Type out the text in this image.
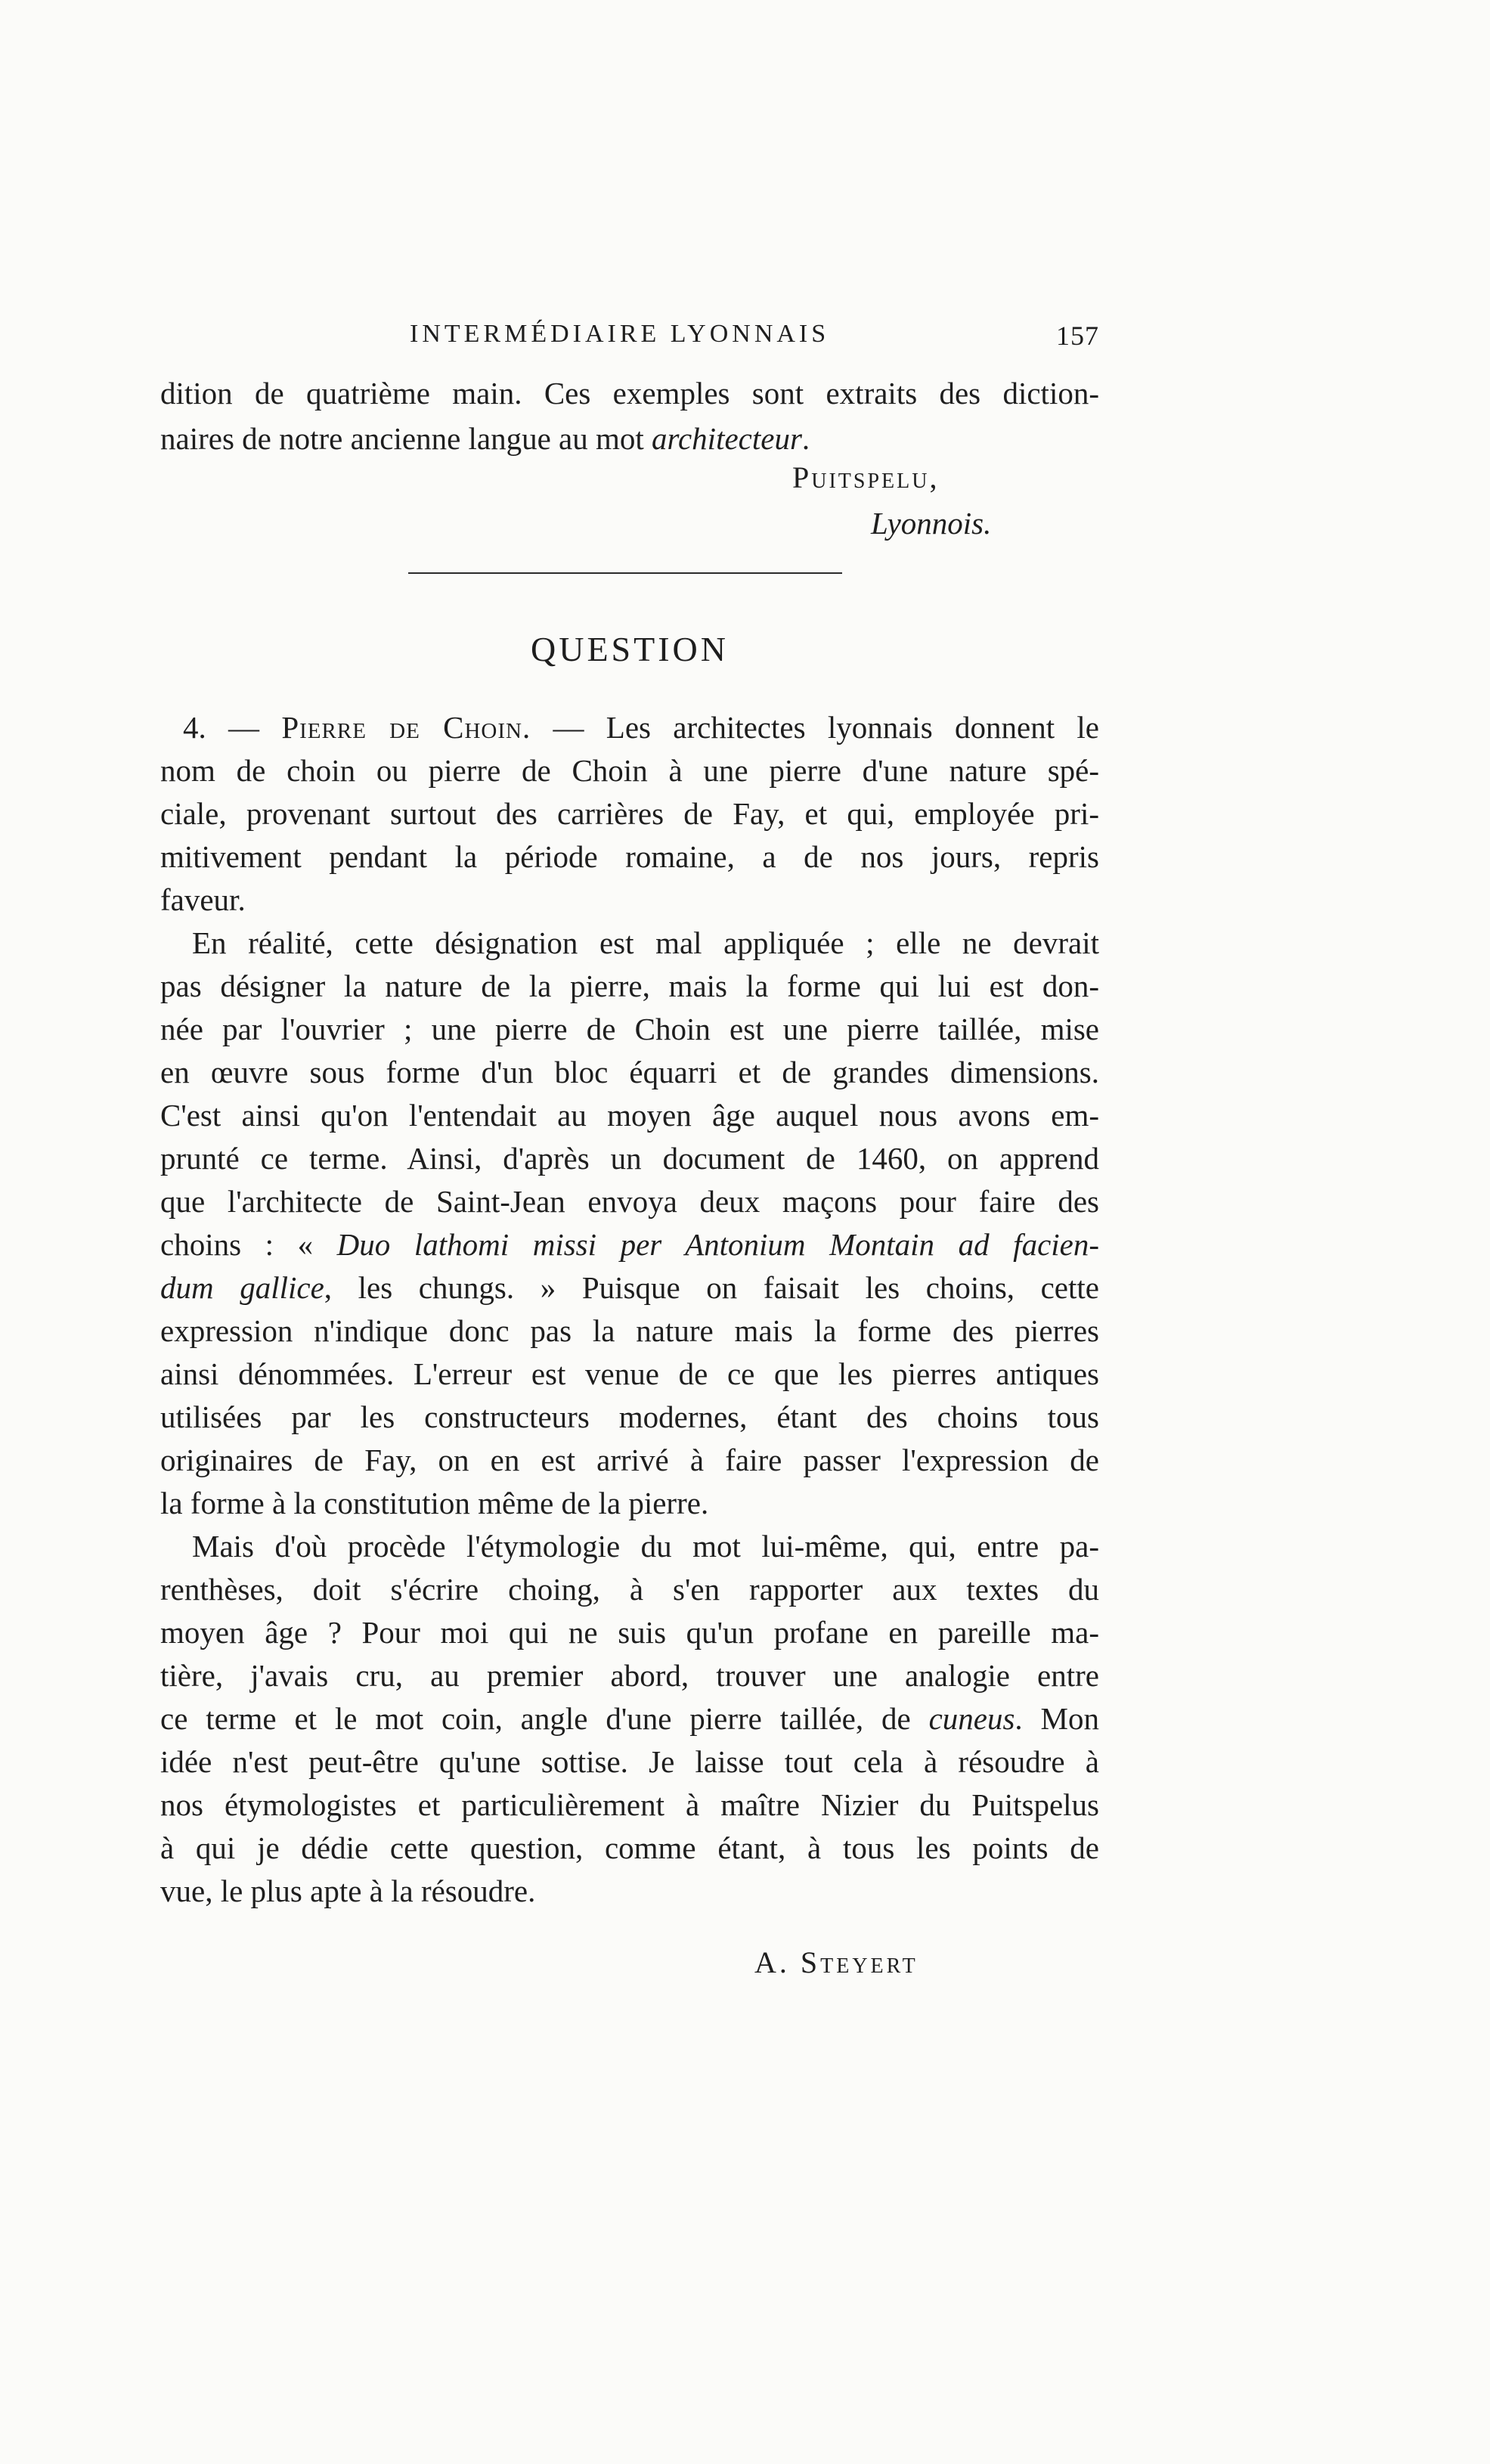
INTERMÉDIAIRE LYONNAIS	157
dition de quatrième main. Ces exemples sont extraits des diction-
naires de notre ancienne langue au mot architecteur.
Puitspelu,
Lyonnois.
QUESTION
4. — Pierre de Choin. — Les architectes lyonnais donnent le
nom de choin ou pierre de Choin à une pierre d'une nature spé-
ciale, provenant surtout des carrières de Fay, et qui, employée pri-
mitivement pendant la période romaine, a de nos jours, repris
faveur.
En réalité, cette désignation est mal appliquée ; elle ne devrait
pas désigner la nature de la pierre, mais la forme qui lui est don-
née par l'ouvrier ; une pierre de Choin est une pierre taillée, mise
en œuvre sous forme d'un bloc équarri et de grandes dimensions.
C'est ainsi qu'on l'entendait au moyen âge auquel nous avons em-
prunté ce terme. Ainsi, d'après un document de 1460, on apprend
que l'architecte de Saint-Jean envoya deux maçons pour faire des
choins : « Duo lathomi missi per Antonium Montain ad facien-
dum gallice, les chungs. » Puisque on faisait les choins, cette
expression n'indique donc pas la nature mais la forme des pierres
ainsi dénommées. L'erreur est venue de ce que les pierres antiques
utilisées par les constructeurs modernes, étant des choins tous
originaires de Fay, on en est arrivé à faire passer l'expression de
la forme à la constitution même de la pierre.
Mais d'où procède l'étymologie du mot lui-même, qui, entre pa-
renthèses, doit s'écrire choing, à s'en rapporter aux textes du
moyen âge ? Pour moi qui ne suis qu'un profane en pareille ma-
tière, j'avais cru, au premier abord, trouver une analogie entre
ce terme et le mot coin, angle d'une pierre taillée, de cuneus. Mon
idée n'est peut-être qu'une sottise. Je laisse tout cela à résoudre à
nos étymologistes et particulièrement à maître Nizier du Puitspelus
à qui je dédie cette question, comme étant, à tous les points de
vue, le plus apte à la résoudre.
A. Steyert
